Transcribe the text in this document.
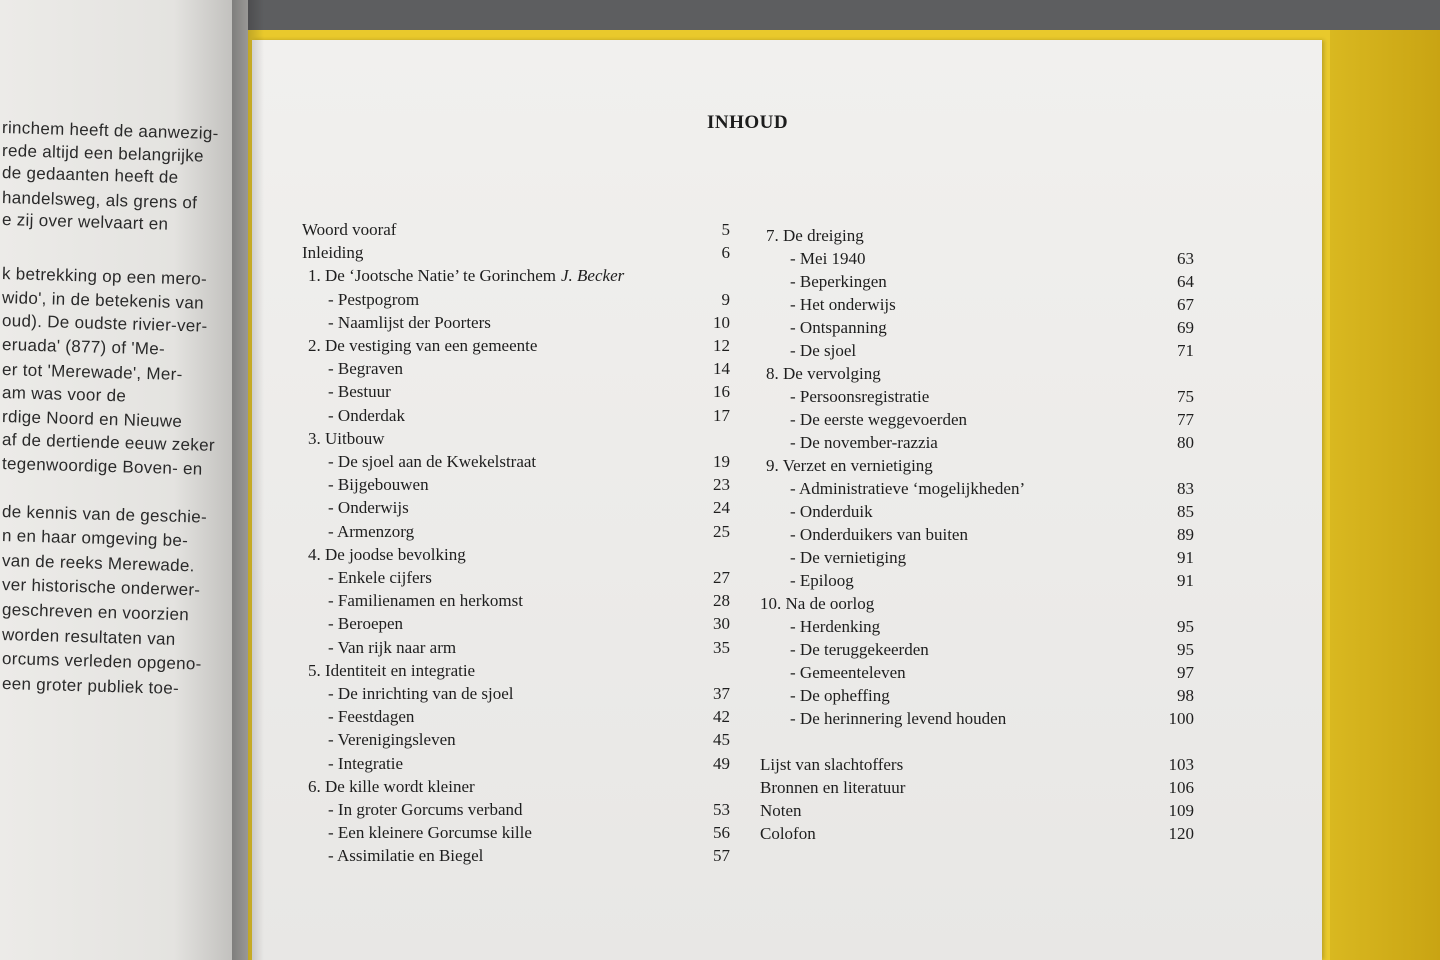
rinchem heeft de aanwezig-
rede altijd een belangrijke
de gedaanten heeft de
handelsweg, als grens of
e zij over welvaart en
k betrekking op een mero-
wido', in de betekenis van
oud). De oudste rivier-ver-
eruada' (877) of 'Me-
er tot 'Merewade', Mer-
am was voor de
rdige Noord en Nieuwe
af de dertiende eeuw zeker
tegenwoordige Boven- en
de kennis van de geschie-
n en haar omgeving be-
van de reeks Merewade.
ver historische onderwer-
geschreven en voorzien
worden resultaten van
orcums verleden opgeno-
een groter publiek toe-
INHOUD
Woord vooraf	5
Inleiding	6
1. De ‘Jootsche Natie’ te Gorinchem J. Becker
- Pestpogrom	9
- Naamlijst der Poorters	10
2. De vestiging van een gemeente	12
- Begraven	14
- Bestuur	16
- Onderdak	17
3. Uitbouw
- De sjoel aan de Kwekelstraat	19
- Bijgebouwen	23
- Onderwijs	24
- Armenzorg	25
4. De joodse bevolking
- Enkele cijfers	27
- Familienamen en herkomst	28
- Beroepen	30
- Van rijk naar arm	35
5. Identiteit en integratie
- De inrichting van de sjoel	37
- Feestdagen	42
- Verenigingsleven	45
- Integratie	49
6. De kille wordt kleiner
- In groter Gorcums verband	53
- Een kleinere Gorcumse kille	56
- Assimilatie en Biegel	57
7. De dreiging
- Mei 1940	63
- Beperkingen	64
- Het onderwijs	67
- Ontspanning	69
- De sjoel	71
8. De vervolging
- Persoonsregistratie	75
- De eerste weggevoerden	77
- De november-razzia	80
9. Verzet en vernietiging
- Administratieve ‘mogelijkheden’	83
- Onderduik	85
- Onderduikers van buiten	89
- De vernietiging	91
- Epiloog	91
10. Na de oorlog
- Herdenking	95
- De teruggekeerden	95
- Gemeenteleven	97
- De opheffing	98
- De herinnering levend houden	100
Lijst van slachtoffers	103
Bronnen en literatuur	106
Noten	109
Colofon	120
